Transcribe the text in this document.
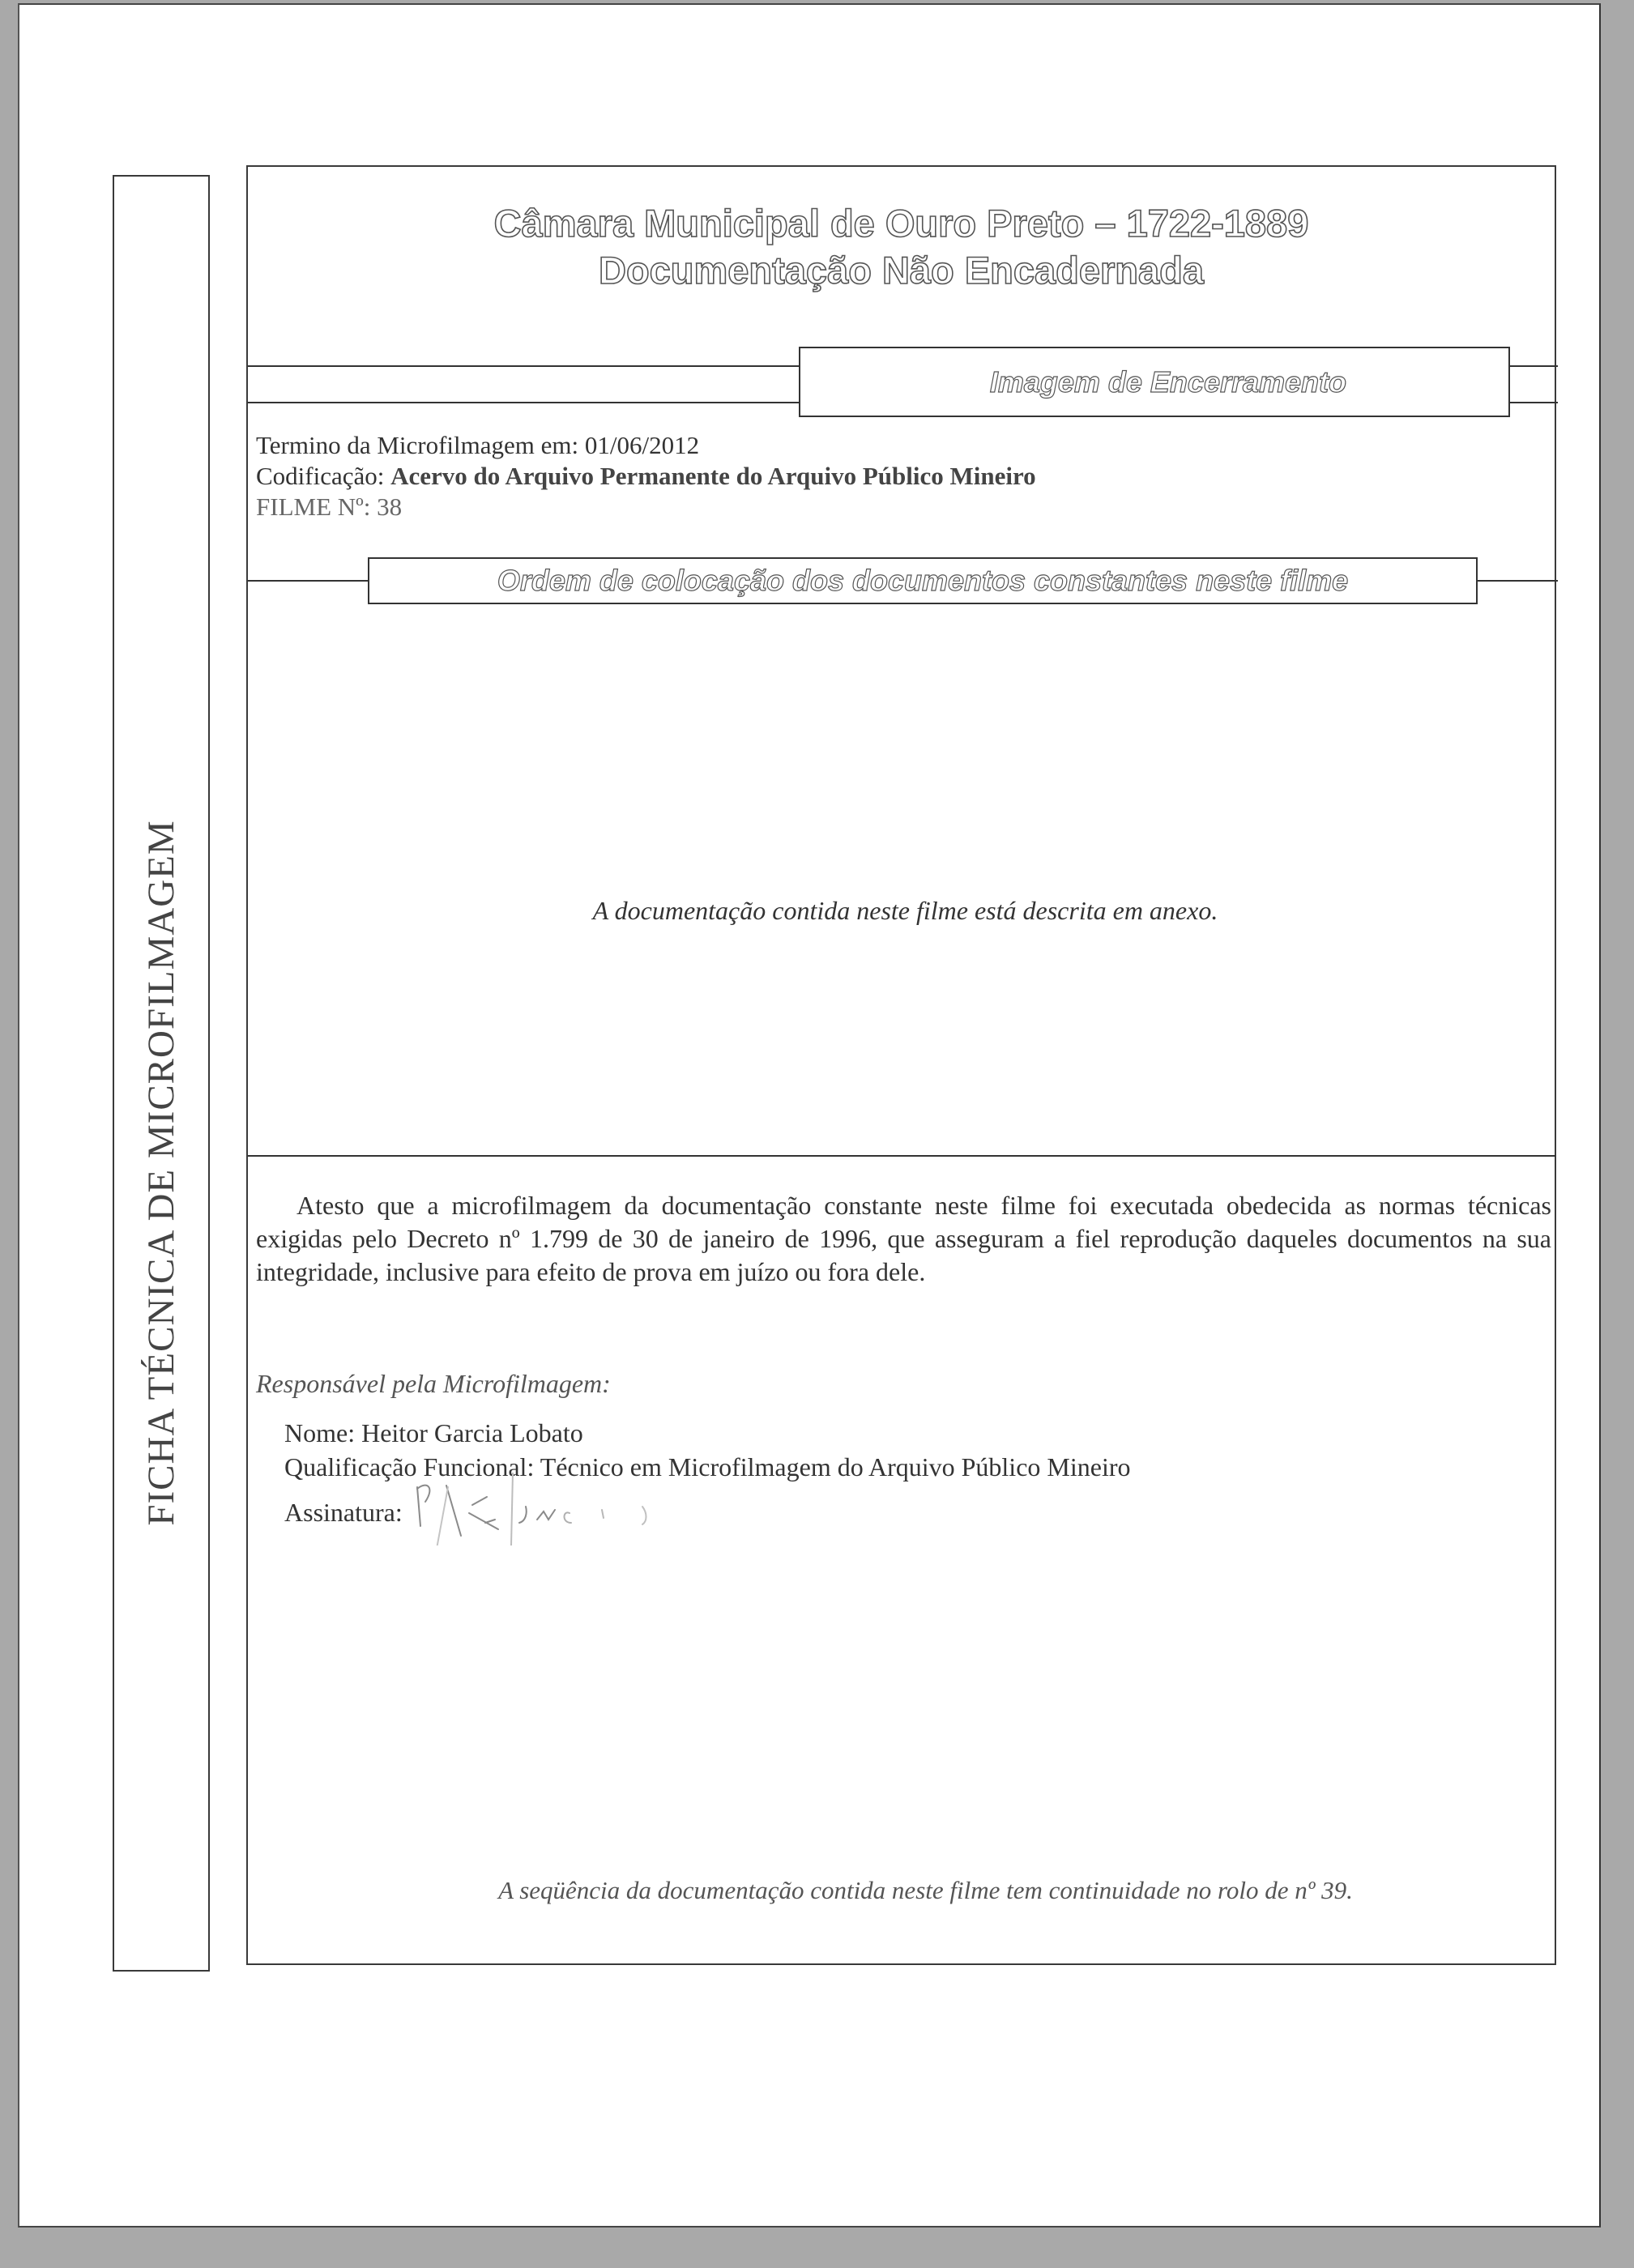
FICHA TÉCNICA DE MICROFILMAGEM
Câmara Municipal de Ouro Preto – 1722-1889
Documentação Não Encadernada
Imagem de Encerramento
Termino da Microfilmagem em: 01/06/2012
Codificação: Acervo do Arquivo Permanente do Arquivo Público Mineiro
FILME Nº: 38
Ordem de colocação dos documentos constantes neste filme
A documentação contida neste filme está descrita em anexo.
Atesto que a microfilmagem da documentação constante neste filme foi executada obedecida as normas técnicas exigidas pelo Decreto nº 1.799 de 30 de janeiro de 1996, que asseguram a fiel reprodução daqueles documentos na sua integridade, inclusive para efeito de prova em juízo ou fora dele.
Responsável pela Microfilmagem:
Nome: Heitor Garcia Lobato
Qualificação Funcional: Técnico em Microfilmagem do Arquivo Público Mineiro
Assinatura:
A seqüência da documentação contida neste filme tem continuidade no rolo de nº 39.
